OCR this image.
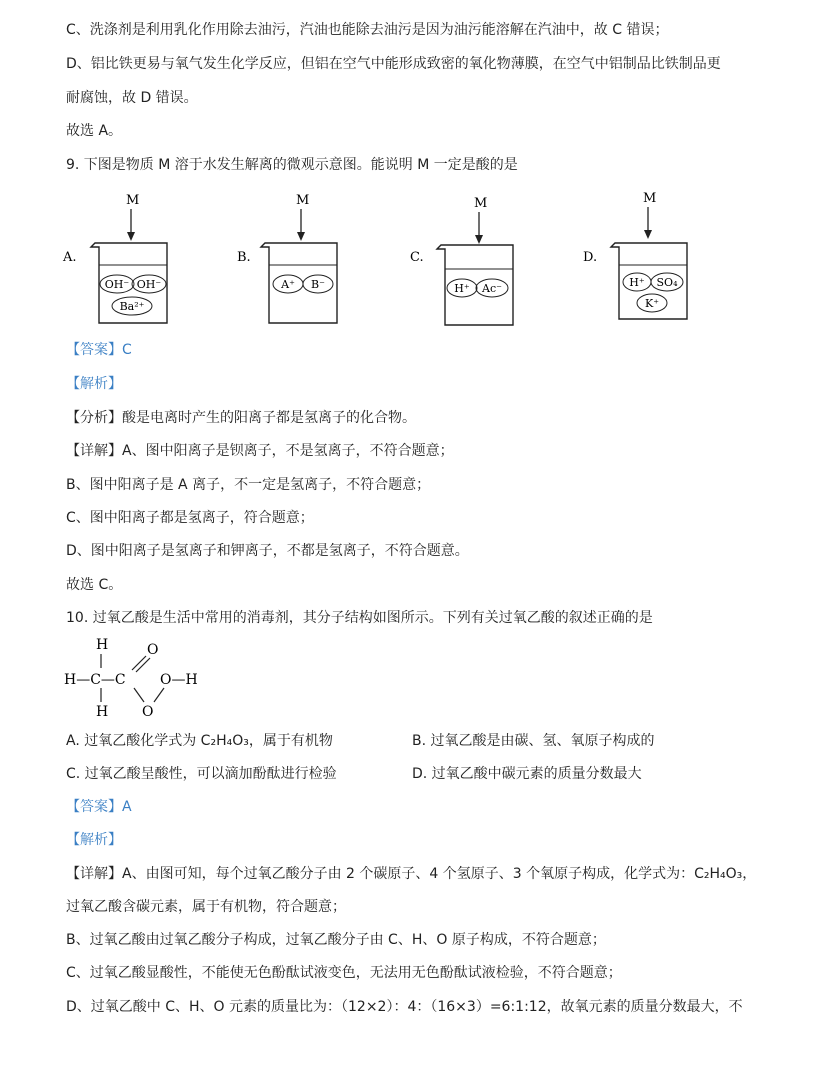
C、洗涤剂是利用乳化作用除去油污，汽油也能除去油污是因为油污能溶解在汽油中，故 C 错误；
D、铝比铁更易与氧气发生化学反应，但铝在空气中能形成致密的氧化物薄膜，在空气中铝制品比铁制品更
耐腐蚀，故 D 错误。
故选 A。
9. 下图是物质 M 溶于水发生解离的微观示意图。能说明 M 一定是酸的是
A.
M
OH⁻ OH⁻
Ba²⁺
B.
M
A⁺ B⁻
C.
M
H⁺ Ac⁻
D.
M
H⁺ SO₄
K⁺
【答案】C
【解析】
【分析】酸是电离时产生的阳离子都是氢离子的化合物。
【详解】A、图中阳离子是钡离子，不是氢离子，不符合题意；
B、图中阳离子是 A 离子，不一定是氢离子，不符合题意；
C、图中阳离子都是氢离子，符合题意；
D、图中阳离子是氢离子和钾离子，不都是氢离子，不符合题意。
故选 C。
10. 过氧乙酸是生活中常用的消毒剂，其分子结构如图所示。下列有关过氧乙酸的叙述正确的是
H
H—C—C
H
O
O
O—H
A. 过氧乙酸化学式为 C₂H₄O₃，属于有机物	B. 过氧乙酸是由碳、氢、氧原子构成的
C. 过氧乙酸呈酸性，可以滴加酚酞进行检验	D. 过氧乙酸中碳元素的质量分数最大
【答案】A
【解析】
【详解】A、由图可知，每个过氧乙酸分子由 2 个碳原子、4 个氢原子、3 个氧原子构成，化学式为：C₂H₄O₃，
过氧乙酸含碳元素，属于有机物，符合题意；
B、过氧乙酸由过氧乙酸分子构成，过氧乙酸分子由 C、H、O 原子构成，不符合题意；
C、过氧乙酸显酸性，不能使无色酚酞试液变色，无法用无色酚酞试液检验，不符合题意；
D、过氧乙酸中 C、H、O 元素的质量比为：（12×2）：4：（16×3）=6:1:12，故氧元素的质量分数最大，不
